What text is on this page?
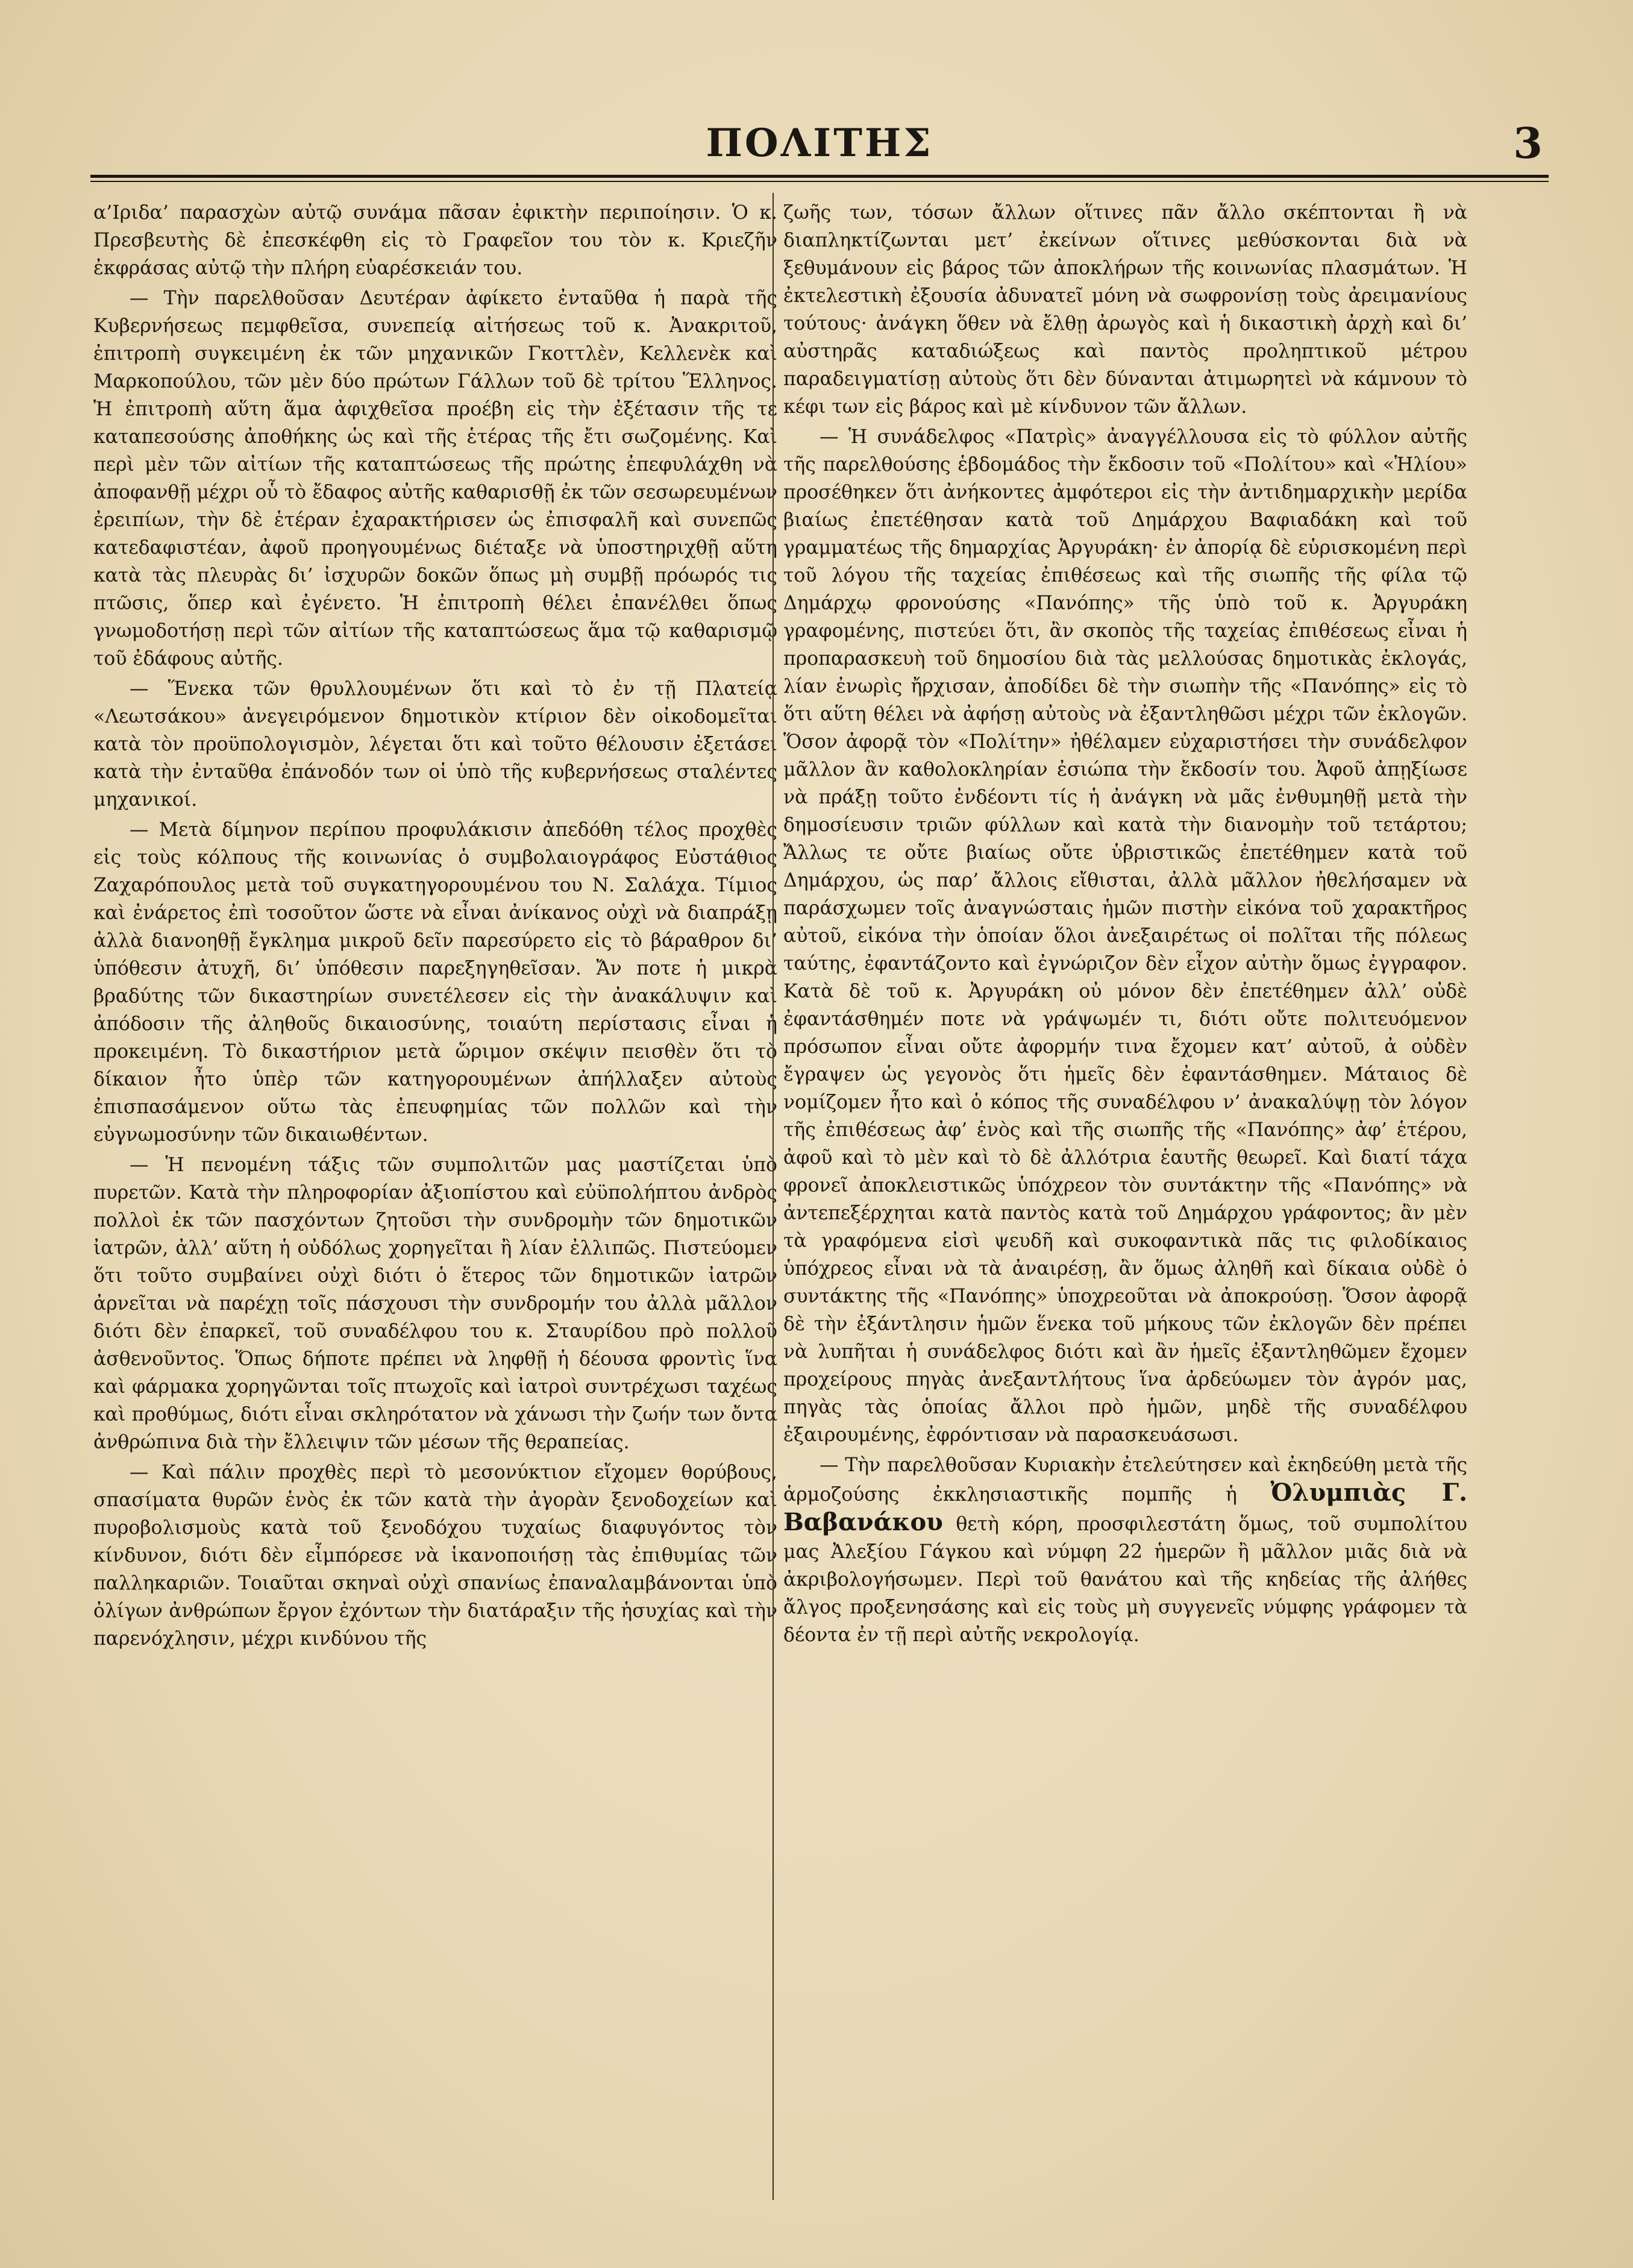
ΠΟΛΙΤΗΣ	3

α’Ιριδα’ παρασχὼν αὐτῷ συνάμα πᾶσαν ἐφικτὴν περιποίησιν. Ὁ κ. Πρεσβευτὴς δὲ ἐπεσκέφθη εἰς τὸ Γραφεῖον του τὸν κ. Κριεζῆν ἐκφράσας αὐτῷ τὴν πλήρη εὐαρέσκειάν του.

— Τὴν παρελθοῦσαν Δευτέραν ἀφίκετο ἐνταῦθα ἡ παρὰ τῆς Κυβερνήσεως πεμφθεῖσα, συνεπείᾳ αἰτήσεως τοῦ κ. Ἀνακριτοῦ, ἐπιτροπὴ συγκειμένη ἐκ τῶν μηχανικῶν Γκοττλὲν, Κελλενὲκ καὶ Μαρκοπούλου, τῶν μὲν δύο πρώτων Γάλλων τοῦ δὲ τρίτου Ἕλληνος. Ἡ ἐπιτροπὴ αὕτη ἅμα ἀφιχθεῖσα προέβη εἰς τὴν ἐξέτασιν τῆς τε καταπεσούσης ἀποθήκης ὡς καὶ τῆς ἑτέρας τῆς ἔτι σωζομένης. Καὶ περὶ μὲν τῶν αἰτίων τῆς καταπτώσεως τῆς πρώτης ἐπεφυλάχθη νὰ ἀποφανθῇ μέχρι οὗ τὸ ἔδαφος αὐτῆς καθαρισθῇ ἐκ τῶν σεσωρευμένων ἐρειπίων, τὴν δὲ ἑτέραν ἐχαρακτήρισεν ὡς ἐπισφαλῆ καὶ συνεπῶς κατεδαφιστέαν, ἀφοῦ προηγουμένως διέταξε νὰ ὑποστηριχθῇ αὕτη κατὰ τὰς πλευρὰς δι’ ἰσχυρῶν δοκῶν ὅπως μὴ συμβῇ πρόωρός τις πτῶσις, ὅπερ καὶ ἐγένετο. Ἡ ἐπιτροπὴ θέλει ἐπανέλθει ὅπως γνωμοδοτήσῃ περὶ τῶν αἰτίων τῆς καταπτώσεως ἅμα τῷ καθαρισμῷ τοῦ ἐδάφους αὐτῆς.

— Ἕνεκα τῶν θρυλλουμένων ὅτι καὶ τὸ ἐν τῇ Πλατείᾳ «Λεωτσάκου» ἀνεγειρόμενον δημοτικὸν κτίριον δὲν οἰκοδομεῖται κατὰ τὸν προϋπολογισμὸν, λέγεται ὅτι καὶ τοῦτο θέλουσιν ἐξετάσει κατὰ τὴν ἐνταῦθα ἐπάνοδόν των οἱ ὑπὸ τῆς κυβερνήσεως σταλέντες μηχανικοί.

— Μετὰ δίμηνον περίπου προφυλάκισιν ἀπεδόθη τέλος προχθὲς εἰς τοὺς κόλπους τῆς κοινωνίας ὁ συμβολαιογράφος Εὐστάθιος Ζαχαρόπουλος μετὰ τοῦ συγκατηγορουμένου του Ν. Σαλάχα. Τίμιος καὶ ἐνάρετος ἐπὶ τοσοῦτον ὥστε νὰ εἶναι ἀνίκανος οὐχὶ νὰ διαπράξῃ ἀλλὰ διανοηθῇ ἔγκλημα μικροῦ δεῖν παρεσύρετο εἰς τὸ βάραθρον δι’ ὑπόθεσιν ἀτυχῆ, δι’ ὑπόθεσιν παρεξηγηθεῖσαν. Ἄν ποτε ἡ μικρὰ βραδύτης τῶν δικαστηρίων συνετέλεσεν εἰς τὴν ἀνακάλυψιν καὶ ἀπόδοσιν τῆς ἀληθοῦς δικαιοσύνης, τοιαύτη περίστασις εἶναι ἡ προκειμένη. Τὸ δικαστήριον μετὰ ὥριμον σκέψιν πεισθὲν ὅτι τὸ δίκαιον ἦτο ὑπὲρ τῶν κατηγορουμένων ἀπήλλαξεν αὐτοὺς ἐπισπασάμενον οὕτω τὰς ἐπευφημίας τῶν πολλῶν καὶ τὴν εὐγνωμοσύνην τῶν δικαιωθέντων.

— Ἡ πενομένη τάξις τῶν συμπολιτῶν μας μαστίζεται ὑπὸ πυρετῶν. Κατὰ τὴν πληροφορίαν ἀξιοπίστου καὶ εὐϋπολήπτου ἀνδρὸς πολλοὶ ἐκ τῶν πασχόντων ζητοῦσι τὴν συνδρομὴν τῶν δημοτικῶν ἰατρῶν, ἀλλ’ αὕτη ἡ οὐδόλως χορηγεῖται ἢ λίαν ἐλλιπῶς. Πιστεύομεν ὅτι τοῦτο συμβαίνει οὐχὶ διότι ὁ ἕτερος τῶν δημοτικῶν ἰατρῶν ἀρνεῖται νὰ παρέχῃ τοῖς πάσχουσι τὴν συνδρομήν του ἀλλὰ μᾶλλον διότι δὲν ἐπαρκεῖ, τοῦ συναδέλφου του κ. Σταυρίδου πρὸ πολλοῦ ἀσθενοῦντος. Ὅπως δήποτε πρέπει νὰ ληφθῇ ἡ δέουσα φροντὶς ἵνα καὶ φάρμακα χορηγῶνται τοῖς πτωχοῖς καὶ ἰατροὶ συντρέχωσι ταχέως καὶ προθύμως, διότι εἶναι σκληρότατον νὰ χάνωσι τὴν ζωήν των ὄντα ἀνθρώπινα διὰ τὴν ἔλλειψιν τῶν μέσων τῆς θεραπείας.

— Καὶ πάλιν προχθὲς περὶ τὸ μεσονύκτιον εἴχομεν θορύβους, σπασίματα θυρῶν ἑνὸς ἐκ τῶν κατὰ τὴν ἀγορὰν ξενοδοχείων καὶ πυροβολισμοὺς κατὰ τοῦ ξενοδόχου τυχαίως διαφυγόντος τὸν κίνδυνον, διότι δὲν εἶμπόρεσε νὰ ἱκανοποιήσῃ τὰς ἐπιθυμίας τῶν παλληκαριῶν. Τοιαῦται σκηναὶ οὐχὶ σπανίως ἐπαναλαμβάνονται ὑπὸ ὀλίγων ἀνθρώπων ἔργον ἐχόντων τὴν διατάραξιν τῆς ἡσυχίας καὶ τὴν παρενόχλησιν, μέχρι κινδύνου τῆς

ζωῆς των, τόσων ἄλλων οἵτινες πᾶν ἄλλο σκέπτονται ἢ νὰ διαπληκτίζωνται μετ’ ἐκείνων οἵτινες μεθύσκονται διὰ νὰ ξεθυμάνουν εἰς βάρος τῶν ἀποκλήρων τῆς κοινωνίας πλασμάτων. Ἡ ἐκτελεστικὴ ἐξουσία ἀδυνατεῖ μόνη νὰ σωφρονίσῃ τοὺς ἀρειμανίους τούτους· ἀνάγκη ὅθεν νὰ ἔλθῃ ἀρωγὸς καὶ ἡ δικαστικὴ ἀρχὴ καὶ δι’ αὐστηρᾶς καταδιώξεως καὶ παντὸς προληπτικοῦ μέτρου παραδειγματίσῃ αὐτοὺς ὅτι δὲν δύνανται ἀτιμωρητεὶ νὰ κάμνουν τὸ κέφι των εἰς βάρος καὶ μὲ κίνδυνον τῶν ἄλλων.

— Ἡ συνάδελφος «Πατρὶς» ἀναγγέλλουσα εἰς τὸ φύλλον αὐτῆς τῆς παρελθούσης ἑβδομάδος τὴν ἔκδοσιν τοῦ «Πολίτου» καὶ «Ἡλίου» προσέθηκεν ὅτι ἀνήκοντες ἀμφότεροι εἰς τὴν ἀντιδημαρχικὴν μερίδα βιαίως ἐπετέθησαν κατὰ τοῦ Δημάρχου Βαφιαδάκη καὶ τοῦ γραμματέως τῆς δημαρχίας Ἀργυράκη· ἐν ἀπορίᾳ δὲ εὑρισκομένη περὶ τοῦ λόγου τῆς ταχείας ἐπιθέσεως καὶ τῆς σιωπῆς τῆς φίλα τῷ Δημάρχῳ φρονούσης «Πανόπης» τῆς ὑπὸ τοῦ κ. Ἀργυράκη γραφομένης, πιστεύει ὅτι, ἂν σκοπὸς τῆς ταχείας ἐπιθέσεως εἶναι ἡ προπαρασκευὴ τοῦ δημοσίου διὰ τὰς μελλούσας δημοτικὰς ἐκλογάς, λίαν ἐνωρὶς ἤρχισαν, ἀποδίδει δὲ τὴν σιωπὴν τῆς «Πανόπης» εἰς τὸ ὅτι αὕτη θέλει νὰ ἀφήσῃ αὐτοὺς νὰ ἐξαντληθῶσι μέχρι τῶν ἐκλογῶν. Ὅσον ἀφορᾷ τὸν «Πολίτην» ἠθέλαμεν εὐχαριστήσει τὴν συνάδελφον μᾶλλον ἂν καθολοκληρίαν ἐσιώπα τὴν ἔκδοσίν του. Ἀφοῦ ἀπῃξίωσε νὰ πράξῃ τοῦτο ἐνδέοντι τίς ἡ ἀνάγκη νὰ μᾶς ἐνθυμηθῇ μετὰ τὴν δημοσίευσιν τριῶν φύλλων καὶ κατὰ τὴν διανομὴν τοῦ τετάρτου; Ἄλλως τε οὔτε βιαίως οὔτε ὑβριστικῶς ἐπετέθημεν κατὰ τοῦ Δημάρχου, ὡς παρ’ ἄλλοις εἴθισται, ἀλλὰ μᾶλλον ἠθελήσαμεν νὰ παράσχωμεν τοῖς ἀναγνώσταις ἡμῶν πιστὴν εἰκόνα τοῦ χαρακτῆρος αὐτοῦ, εἰκόνα τὴν ὁποίαν ὅλοι ἀνεξαιρέτως οἱ πολῖται τῆς πόλεως ταύτης, ἐφαντάζοντο καὶ ἐγνώριζον δὲν εἶχον αὐτὴν ὅμως ἐγγραφον. Κατὰ δὲ τοῦ κ. Ἀργυράκη οὐ μόνον δὲν ἐπετέθημεν ἀλλ’ οὐδὲ ἐφαντάσθημέν ποτε νὰ γράψωμέν τι, διότι οὔτε πολιτευόμενον πρόσωπον εἶναι οὔτε ἀφορμήν τινα ἔχομεν κατ’ αὐτοῦ, ἀ οὐδὲν ἔγραψεν ὡς γεγονὸς ὅτι ἡμεῖς δὲν ἐφαντάσθημεν. Μάταιος δὲ νομίζομεν ἦτο καὶ ὁ κόπος τῆς συναδέλφου ν’ ἀνακαλύψῃ τὸν λόγον τῆς ἐπιθέσεως ἀφ’ ἑνὸς καὶ τῆς σιωπῆς τῆς «Πανόπης» ἀφ’ ἑτέρου, ἀφοῦ καὶ τὸ μὲν καὶ τὸ δὲ ἀλλότρια ἑαυτῆς θεωρεῖ. Καὶ διατί τάχα φρονεῖ ἀποκλειστικῶς ὑπόχρεον τὸν συντάκτην τῆς «Πανόπης» νὰ ἀντεπεξέρχηται κατὰ παντὸς κατὰ τοῦ Δημάρχου γράφοντος; ἂν μὲν τὰ γραφόμενα εἰσὶ ψευδῆ καὶ συκοφαντικὰ πᾶς τις φιλοδίκαιος ὑπόχρεος εἶναι νὰ τὰ ἀναιρέσῃ, ἂν ὅμως ἀληθῆ καὶ δίκαια οὐδὲ ὁ συντάκτης τῆς «Πανόπης» ὑποχρεοῦται νὰ ἀποκρούσῃ. Ὅσον ἀφορᾷ δὲ τὴν ἐξάντλησιν ἡμῶν ἕνεκα τοῦ μήκους τῶν ἐκλογῶν δὲν πρέπει νὰ λυπῆται ἡ συνάδελφος διότι καὶ ἂν ἡμεῖς ἐξαντληθῶμεν ἔχομεν προχείρους πηγὰς ἀνεξαντλήτους ἵνα ἀρδεύωμεν τὸν ἀγρόν μας, πηγὰς τὰς ὁποίας ἄλλοι πρὸ ἡμῶν, μηδὲ τῆς συναδέλφου ἐξαιρουμένης, ἐφρόντισαν νὰ παρασκευάσωσι.

— Τὴν παρελθοῦσαν Κυριακὴν ἐτελεύτησεν καὶ ἐκηδεύθη μετὰ τῆς ἁρμοζούσης ἐκκλησιαστικῆς πομπῆς ἡ Ὀλυμπιὰς Γ. Βαβανάκου θετὴ κόρη, προσφιλεστάτη ὅμως, τοῦ συμπολίτου μας Ἀλεξίου Γάγκου καὶ νύμφη 22 ἡμερῶν ἢ μᾶλλον μιᾶς διὰ νὰ ἀκριβολογήσωμεν. Περὶ τοῦ θανάτου καὶ τῆς κηδείας τῆς ἀλήθες ἄλγος προξενησάσης καὶ εἰς τοὺς μὴ συγγενεῖς νύμφης γράφομεν τὰ δέοντα ἐν τῇ περὶ αὐτῆς νεκρολογίᾳ.
